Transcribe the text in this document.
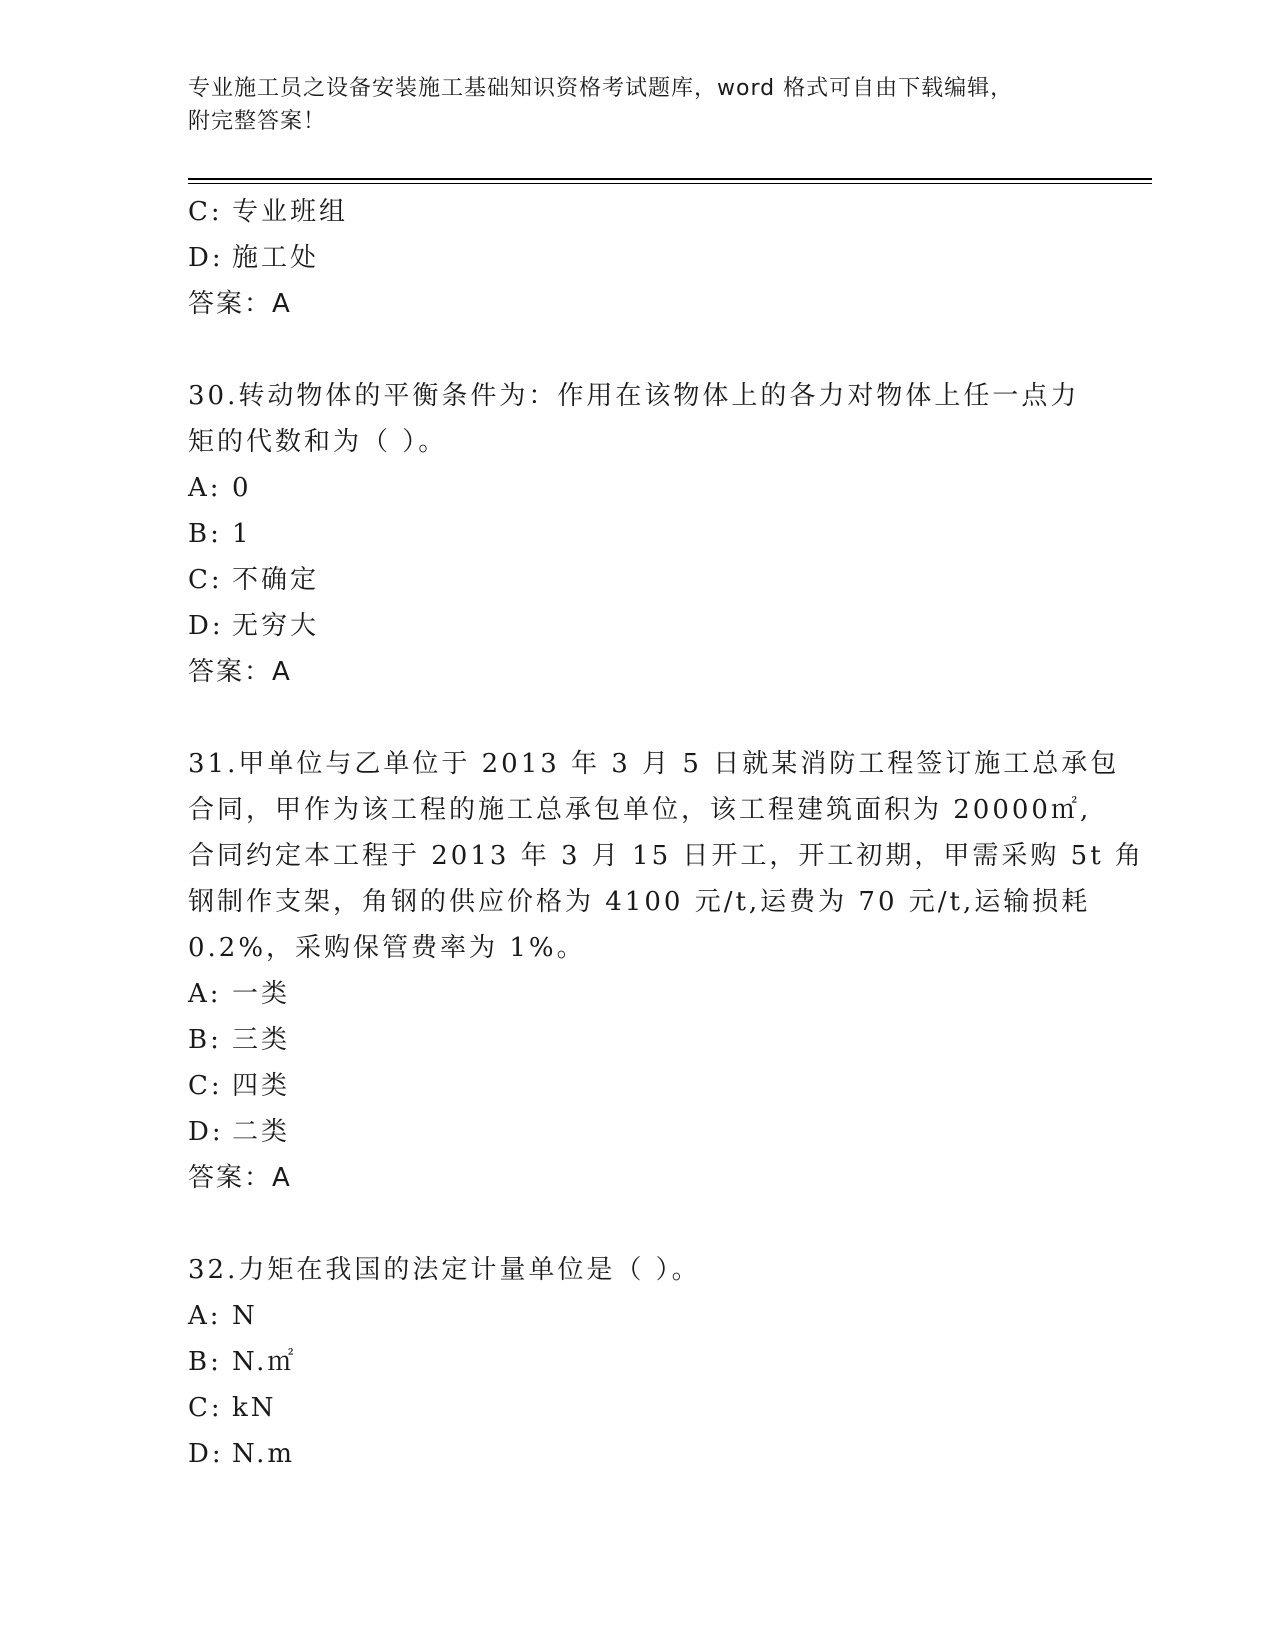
专业施工员之设备安装施工基础知识资格考试题库，word 格式可自由下载编辑，
附完整答案！
C: 专业班组
D: 施工处
答案：A
30.转动物体的平衡条件为：作用在该物体上的各力对物体上任一点力
矩的代数和为（ ）。
A: 0
B: 1
C: 不确定
D: 无穷大
答案：A
31.甲单位与乙单位于 2013 年 3 月 5 日就某消防工程签订施工总承包
合同，甲作为该工程的施工总承包单位，该工程建筑面积为 20000㎡,
合同约定本工程于 2013 年 3 月 15 日开工，开工初期，甲需采购 5t 角
钢制作支架，角钢的供应价格为 4100 元/t,运费为 70 元/t,运输损耗
0.2%，采购保管费率为 1%。
A: 一类
B: 三类
C: 四类
D: 二类
答案：A
32.力矩在我国的法定计量单位是（ ）。
A: N
B: N.㎡
C: kN
D: N.m
